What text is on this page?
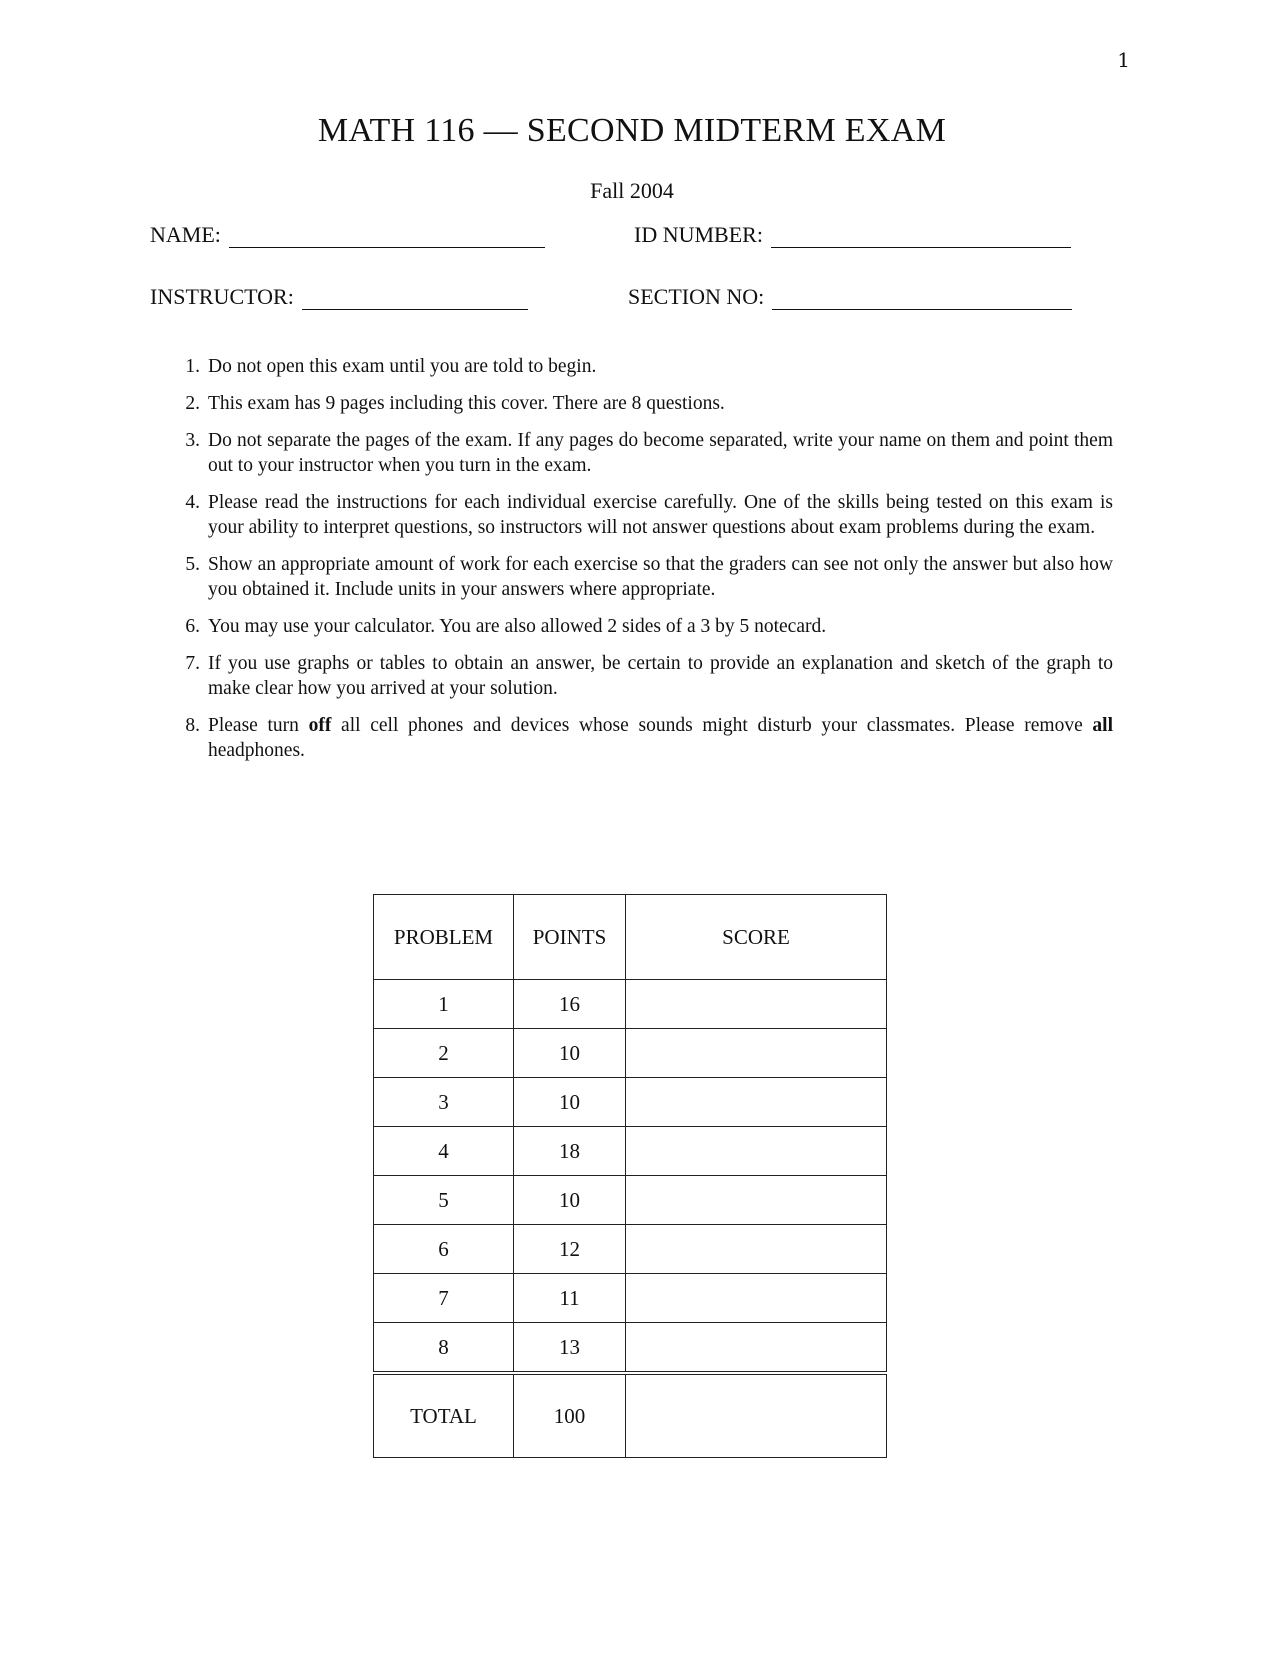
1
MATH 116 — SECOND MIDTERM EXAM
Fall 2004
NAME:	ID NUMBER:
INSTRUCTOR:	SECTION NO:
1. Do not open this exam until you are told to begin.
2. This exam has 9 pages including this cover. There are 8 questions.
3. Do not separate the pages of the exam. If any pages do become separated, write your name on them and point them out to your instructor when you turn in the exam.
4. Please read the instructions for each individual exercise carefully. One of the skills being tested on this exam is your ability to interpret questions, so instructors will not answer questions about exam problems during the exam.
5. Show an appropriate amount of work for each exercise so that the graders can see not only the answer but also how you obtained it. Include units in your answers where appropriate.
6. You may use your calculator. You are also allowed 2 sides of a 3 by 5 notecard.
7. If you use graphs or tables to obtain an answer, be certain to provide an explanation and sketch of the graph to make clear how you arrived at your solution.
8. Please turn off all cell phones and devices whose sounds might disturb your classmates. Please remove all headphones.
PROBLEM	POINTS	SCORE
1	16	
2	10	
3	10	
4	18	
5	10	
6	12	
7	11	
8	13	
TOTAL	100	
